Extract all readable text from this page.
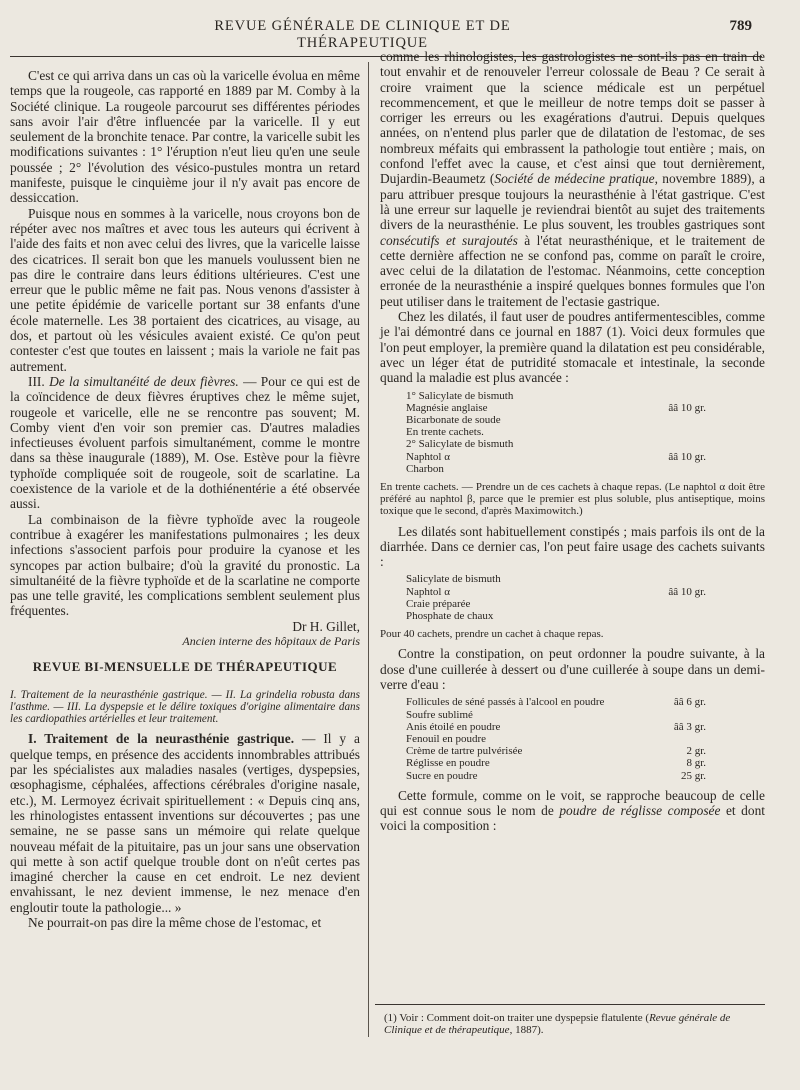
REVUE GÉNÉRALE DE CLINIQUE ET DE THÉRAPEUTIQUE
789

C'est ce qui arriva dans un cas où la varicelle évolua en même temps que la rougeole, cas rapporté en 1889 par M. Comby à la Société clinique. La rougeole parcourut ses différentes périodes sans avoir l'air d'être influencée par la varicelle. Il y eut seulement de la bronchite tenace. Par contre, la varicelle subit les modifications suivantes : 1° l'éruption n'eut lieu qu'en une seule poussée ; 2° l'évolution des vésico-pustules montra un retard manifeste, puisque le cinquième jour il n'y avait pas encore de dessiccation.

Puisque nous en sommes à la varicelle, nous croyons bon de répéter avec nos maîtres et avec tous les auteurs qui écrivent à l'aide des faits et non avec celui des livres, que la varicelle laisse des cicatrices. Il serait bon que les manuels voulussent bien ne pas dire le contraire dans leurs éditions ultérieures. C'est une erreur que le public même ne fait pas. Nous venons d'assister à une petite épidémie de varicelle portant sur 38 enfants d'une école maternelle. Les 38 portaient des cicatrices, au visage, au dos, et partout où les vésicules avaient existé. Ce qu'on peut contester c'est que toutes en laissent ; mais la variole ne fait pas autrement.

III. De la simultanéité de deux fièvres. — Pour ce qui est de la coïncidence de deux fièvres éruptives chez le même sujet, rougeole et varicelle, elle ne se rencontre pas souvent; M. Comby vient d'en voir son premier cas. D'autres maladies infectieuses évoluent parfois simultanément, comme le montre dans sa thèse inaugurale (1889), M. Ose. Estève pour la fièvre typhoïde compliquée soit de rougeole, soit de scarlatine. La coexistence de la variole et de la dothiénentérie a été observée aussi.

La combinaison de la fièvre typhoïde avec la rougeole contribue à exagérer les manifestations pulmonaires ; les deux infections s'associent parfois pour produire la cyanose et les syncopes par action bulbaire; d'où la gravité du pronostic. La simultanéité de la fièvre typhoïde et de la scarlatine ne comporte pas une telle gravité, les complications semblent seulement plus fréquentes.

Dr H. Gillet,

Ancien interne des hôpitaux de Paris

REVUE BI-MENSUELLE DE THÉRAPEUTIQUE

I. Traitement de la neurasthénie gastrique. — II. La grindelia robusta dans l'asthme. — III. La dyspepsie et le délire toxiques d'origine alimentaire dans les cardiopathies artérielles et leur traitement.

I. Traitement de la neurasthénie gastrique. — Il y a quelque temps, en présence des accidents innombrables attribués par les spécialistes aux maladies nasales (vertiges, dyspepsies, œsophagisme, céphalées, affections cérébrales d'origine nasale, etc.), M. Lermoyez écrivait spirituellement : « Depuis cinq ans, les rhinologistes entassent inventions sur découvertes ; pas une semaine, ne se passe sans un mémoire qui relate quelque nouveau méfait de la pituitaire, pas un jour sans une observation qui mette à son actif quelque trouble dont on n'eût certes pas imaginé chercher la cause en cet endroit. Le nez devient envahissant, le nez devient immense, le nez menace d'en engloutir toute la pathologie... »

Ne pourrait-on pas dire la même chose de l'estomac, et

comme les rhinologistes, les gastrologistes ne sont-ils pas en train de tout envahir et de renouveler l'erreur colossale de Beau ? Ce serait à croire vraiment que la science médicale est un perpétuel recommencement, et que le meilleur de notre temps doit se passer à corriger les erreurs ou les exagérations d'autrui. Depuis quelques années, on n'entend plus parler que de dilatation de l'estomac, de ses nombreux méfaits qui embrassent la pathologie tout entière ; mais, on confond l'effet avec la cause, et c'est ainsi que tout dernièrement, Dujardin-Beaumetz (Société de médecine pratique, novembre 1889), a paru attribuer presque toujours la neurasthénie à l'état gastrique. C'est là une erreur sur laquelle je reviendrai bientôt au sujet des traitements divers de la neurasthénie. Le plus souvent, les troubles gastriques sont consécutifs et surajoutés à l'état neurasthénique, et le traitement de cette dernière affection ne se confond pas, comme on paraît le croire, avec celui de la dilatation de l'estomac. Néanmoins, cette conception erronée de la neurasthénie a inspiré quelques bonnes formules que l'on peut utiliser dans le traitement de l'ectasie gastrique.

Chez les dilatés, il faut user de poudres antifermentescibles, comme je l'ai démontré dans ce journal en 1887 (1). Voici deux formules que l'on peut employer, la première quand la dilatation est peu considérable, avec un léger état de putridité stomacale et intestinale, la seconde quand la maladie est plus avancée :

1° Salicylate de bismuth
Magnésie anglaise	ââ 10 gr.
Bicarbonate de soude
En trente cachets.
2° Salicylate de bismuth
Naphtol α	ââ 10 gr.
Charbon

En trente cachets. — Prendre un de ces cachets à chaque repas. (Le naphtol α doit être préféré au naphtol β, parce que le premier est plus soluble, plus antiseptique, moins toxique que le second, d'après Maximowitch.)

Les dilatés sont habituellement constipés ; mais parfois ils ont de la diarrhée. Dans ce dernier cas, l'on peut faire usage des cachets suivants :

Salicylate de bismuth
Naphtol α	ââ 10 gr.
Craie préparée
Phosphate de chaux

Pour 40 cachets, prendre un cachet à chaque repas.

Contre la constipation, on peut ordonner la poudre suivante, à la dose d'une cuillerée à dessert ou d'une cuillerée à soupe dans un demi-verre d'eau :

Follicules de séné passés à l'alcool en poudre	ââ 6 gr.
Soufre sublimé
Anis étoilé en poudre	ââ 3 gr.
Fenouil en poudre
Crème de tartre pulvérisée	2 gr.
Réglisse en poudre	8 gr.
Sucre en poudre	25 gr.

Cette formule, comme on le voit, se rapproche beaucoup de celle qui est connue sous le nom de poudre de réglisse composée et dont voici la composition :

(1) Voir : Comment doit-on traiter une dyspepsie flatulente (Revue générale de Clinique et de thérapeutique, 1887).
